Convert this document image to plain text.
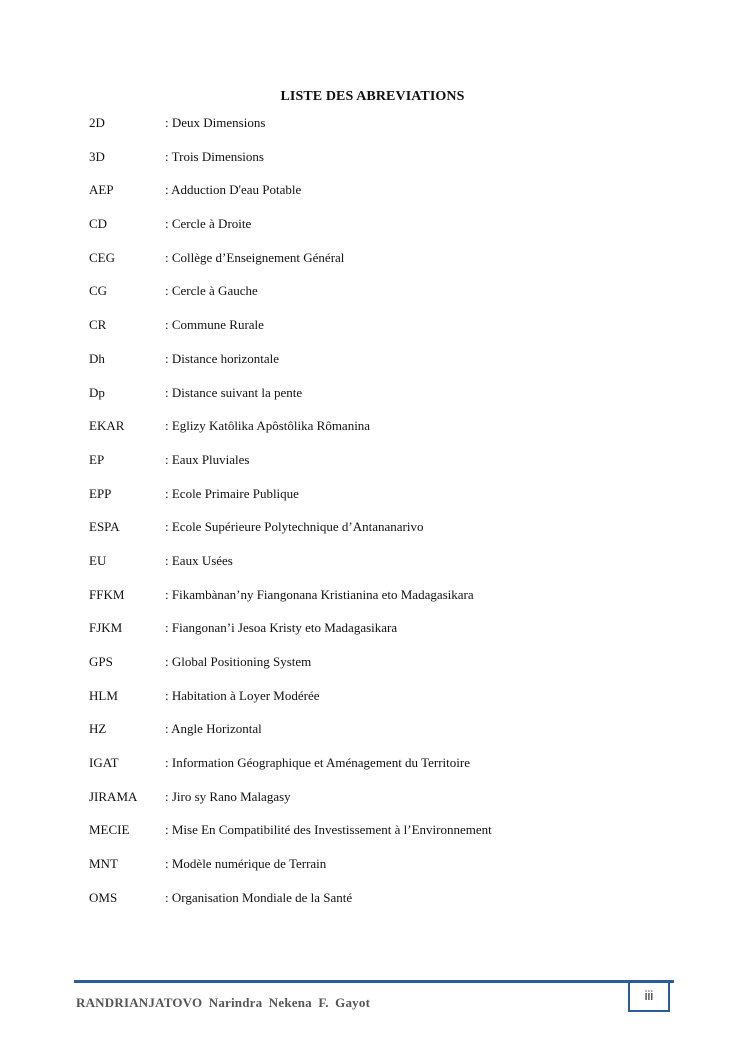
LISTE DES ABREVIATIONS
2D	: Deux Dimensions
3D	: Trois Dimensions
AEP	: Adduction D'eau Potable
CD	: Cercle à Droite
CEG	: Collège d’Enseignement Général
CG	: Cercle à Gauche
CR	: Commune Rurale
Dh	: Distance horizontale
Dp	: Distance suivant la pente
EKAR	: Eglizy Katôlika Apôstôlika Rômanina
EP	: Eaux Pluviales
EPP	: Ecole Primaire Publique
ESPA	: Ecole Supérieure Polytechnique d’Antananarivo
EU	: Eaux Usées
FFKM	: Fikambànan’ny Fiangonana Kristianina eto Madagasikara
FJKM	: Fiangonan’i Jesoa Kristy eto Madagasikara
GPS	: Global Positioning System
HLM	: Habitation à Loyer Modérée
HZ	: Angle Horizontal
IGAT	: Information Géographique et Aménagement du Territoire
JIRAMA : Jiro sy Rano Malagasy
MECIE	: Mise En Compatibilité des Investissement à l’Environnement
MNT	: Modèle numérique de Terrain
OMS	: Organisation Mondiale de la Santé
RANDRIANJATOVO Narindra Nekena F. Gayot	iii
